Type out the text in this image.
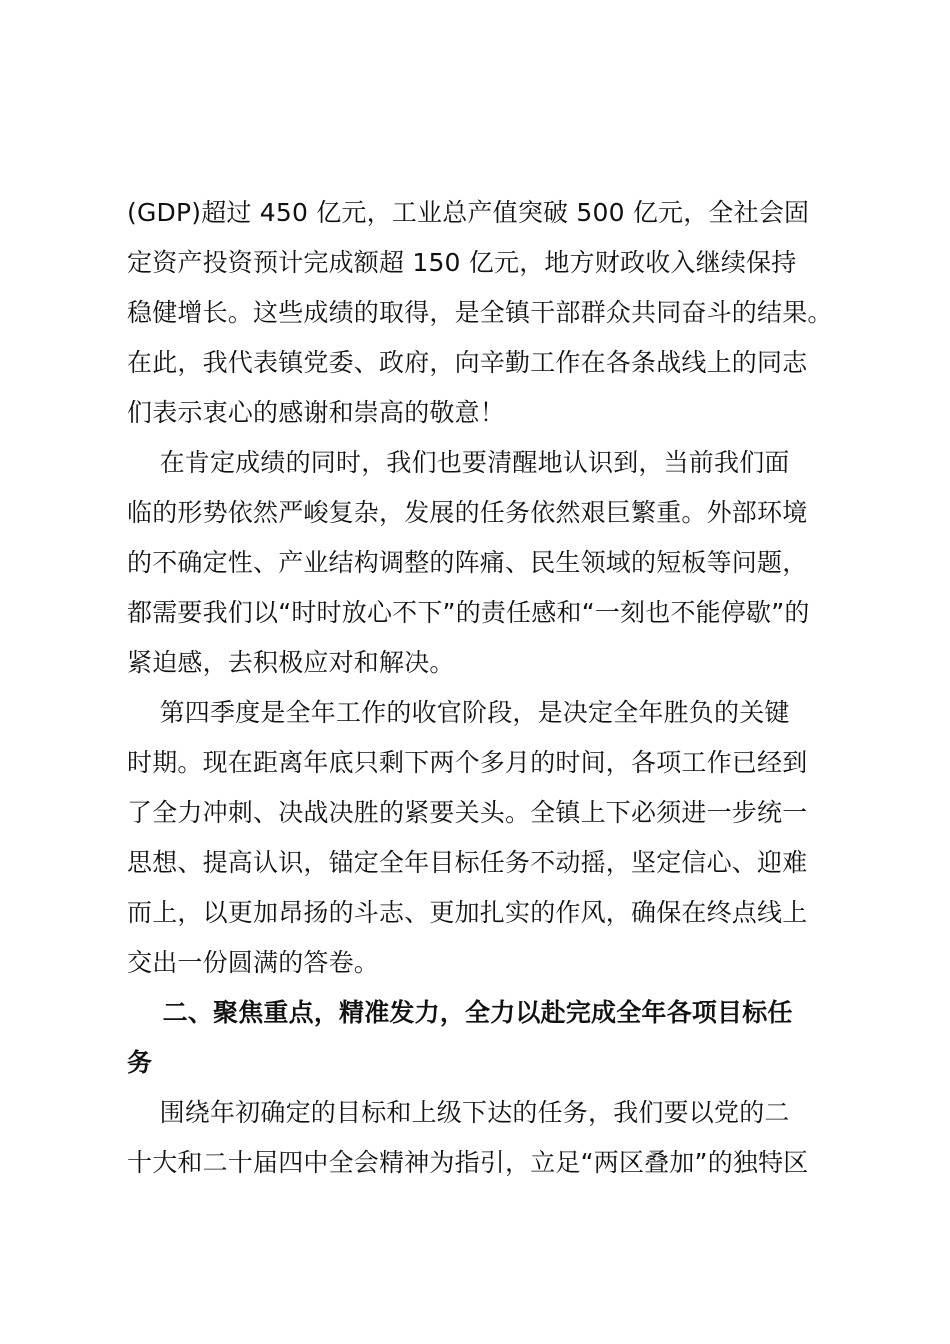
(GDP)超过 450 亿元，工业总产值突破 500 亿元，全社会固
定资产投资预计完成额超 150 亿元，地方财政收入继续保持
稳健增长。这些成绩的取得，是全镇干部群众共同奋斗的结果。
在此，我代表镇党委、政府，向辛勤工作在各条战线上的同志
们表示衷心的感谢和崇高的敬意！
在肯定成绩的同时，我们也要清醒地认识到，当前我们面
临的形势依然严峻复杂，发展的任务依然艰巨繁重。外部环境
的不确定性、产业结构调整的阵痛、民生领域的短板等问题，
都需要我们以“时时放心不下”的责任感和“一刻也不能停歇”的
紧迫感，去积极应对和解决。
第四季度是全年工作的收官阶段，是决定全年胜负的关键
时期。现在距离年底只剩下两个多月的时间，各项工作已经到
了全力冲刺、决战决胜的紧要关头。全镇上下必须进一步统一
思想、提高认识，锚定全年目标任务不动摇，坚定信心、迎难
而上，以更加昂扬的斗志、更加扎实的作风，确保在终点线上
交出一份圆满的答卷。
二、聚焦重点，精准发力，全力以赴完成全年各项目标任
务
围绕年初确定的目标和上级下达的任务，我们要以党的二
十大和二十届四中全会精神为指引，立足“两区叠加”的独特区
